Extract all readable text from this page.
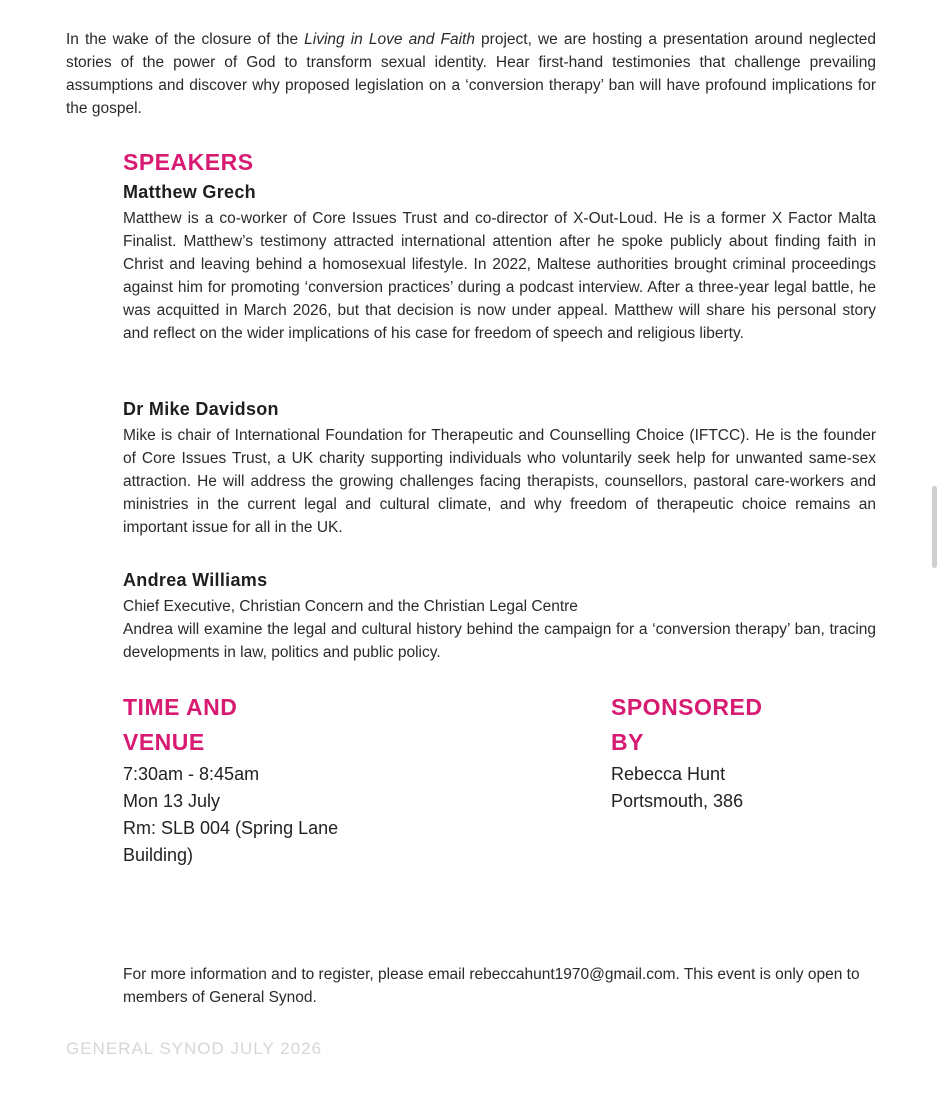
In the wake of the closure of the Living in Love and Faith project, we are hosting a presentation around neglected stories of the power of God to transform sexual identity. Hear first-hand testimonies that challenge prevailing assumptions and discover why proposed legislation on a ‘conversion therapy’ ban will have profound implications for the gospel.
SPEAKERS
Matthew Grech
Matthew is a co-worker of Core Issues Trust and co-director of X-Out-Loud. He is a former X Factor Malta Finalist. Matthew’s testimony attracted international attention after he spoke publicly about finding faith in Christ and leaving behind a homosexual lifestyle. In 2022, Maltese authorities brought criminal proceedings against him for promoting ‘conversion practices’ during a podcast interview. After a three-year legal battle, he was acquitted in March 2026, but that decision is now under appeal. Matthew will share his personal story and reflect on the wider implications of his case for freedom of speech and religious liberty.
Dr Mike Davidson
Mike is chair of International Foundation for Therapeutic and Counselling Choice (IFTCC). He is the founder of Core Issues Trust, a UK charity supporting individuals who voluntarily seek help for unwanted same-sex attraction. He will address the growing challenges facing therapists, counsellors, pastoral care-workers and ministries in the current legal and cultural climate, and why freedom of therapeutic choice remains an important issue for all in the UK.
Andrea Williams
Chief Executive, Christian Concern and the Christian Legal Centre
Andrea will examine the legal and cultural history behind the campaign for a ‘conversion therapy’ ban, tracing developments in law, politics and public policy.
TIME AND
VENUE
7:30am - 8:45am
Mon 13 July
Rm: SLB 004 (Spring Lane
Building)
SPONSORED
BY
Rebecca Hunt
Portsmouth, 386
For more information and to register, please email rebeccahunt1970@gmail.com. This event is only open to members of General Synod.
GENERAL SYNOD JULY 2026
